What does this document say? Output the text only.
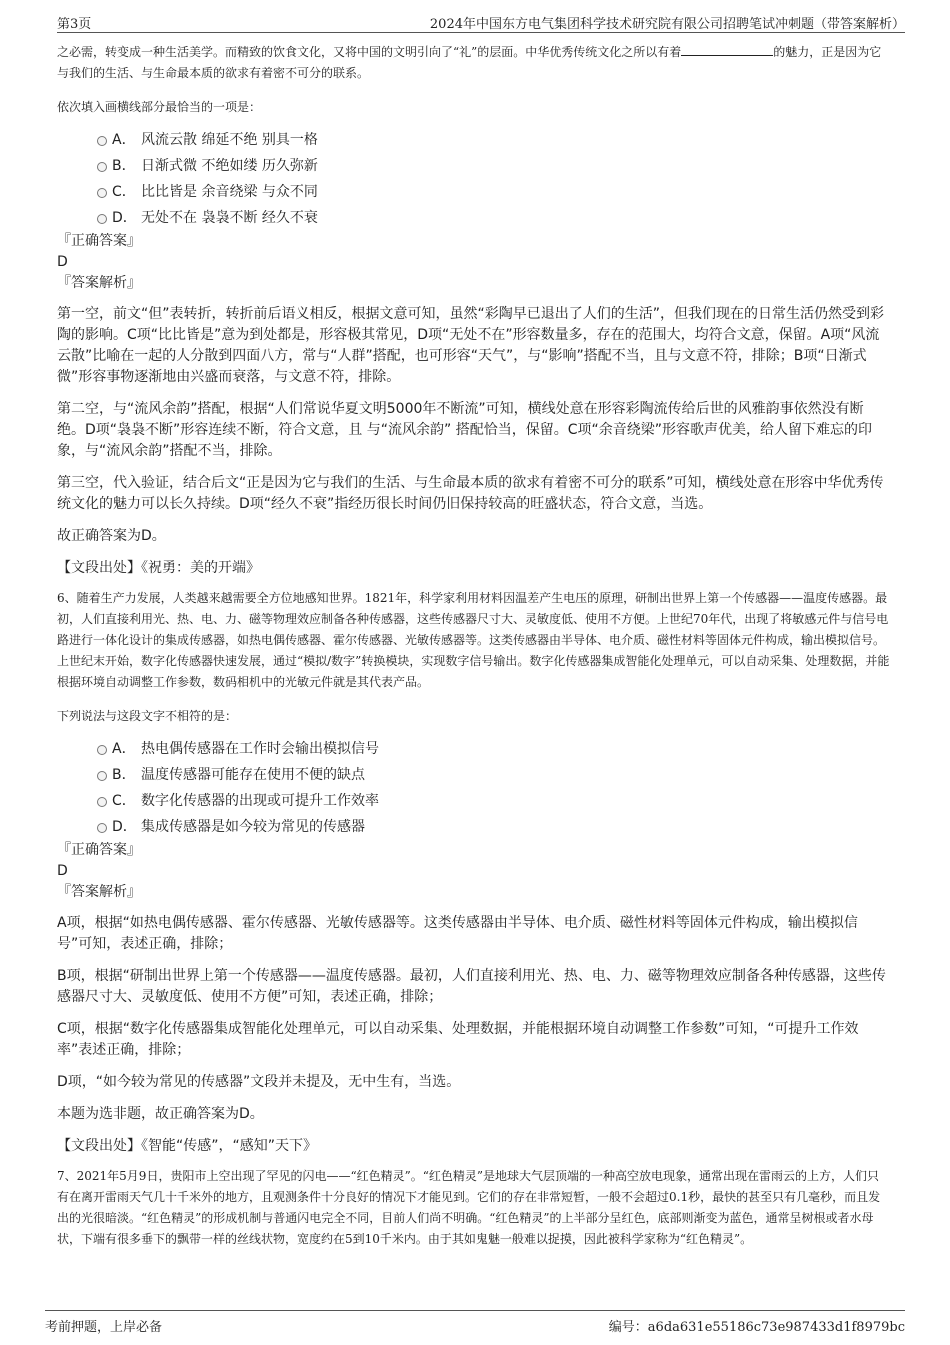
第3页	2024年中国东方电气集团科学技术研究院有限公司招聘笔试冲刺题（带答案解析）

之必需，转变成一种生活美学。而精致的饮食文化，又将中国的文明引向了“礼”的层面。中华优秀传统文化之所以有着	的魅力，正是因为它与我们的生活、与生命最本质的欲求有着密不可分的联系。

依次填入画横线部分最恰当的一项是：

A． 风流云散 绵延不绝 别具一格
B． 日渐式微 不绝如缕 历久弥新
C． 比比皆是 余音绕梁 与众不同
D． 无处不在 袅袅不断 经久不衰

『正确答案』

D

『答案解析』

第一空，前文“但”表转折，转折前后语义相反，根据文意可知，虽然“彩陶早已退出了人们的生活”，但我们现在的日常生活仍然受到彩陶的影响。C项“比比皆是”意为到处都是，形容极其常见，D项“无处不在”形容数量多，存在的范围大，均符合文意，保留。A项“风流云散”比喻在一起的人分散到四面八方，常与“人群”搭配，也可形容“天气”，与“影响”搭配不当，且与文意不符，排除；B项“日渐式微”形容事物逐渐地由兴盛而衰落，与文意不符，排除。

第二空，与“流风余韵”搭配，根据“人们常说华夏文明5000年不断流”可知，横线处意在形容彩陶流传给后世的风雅韵事依然没有断绝。D项“袅袅不断”形容连续不断，符合文意，且 与“流风余韵” 搭配恰当，保留。C项“余音绕梁”形容歌声优美，给人留下难忘的印象，与“流风余韵”搭配不当，排除。

第三空，代入验证，结合后文“正是因为它与我们的生活、与生命最本质的欲求有着密不可分的联系”可知，横线处意在形容中华优秀传统文化的魅力可以长久持续。D项“经久不衰”指经历很长时间仍旧保持较高的旺盛状态，符合文意，当选。

故正确答案为D。

【文段出处】《祝勇：美的开端》

6、随着生产力发展，人类越来越需要全方位地感知世界。1821年，科学家利用材料因温差产生电压的原理，研制出世界上第一个传感器——温度传感器。最初，人们直接利用光、热、电、力、磁等物理效应制备各种传感器，这些传感器尺寸大、灵敏度低、使用不方便。上世纪70年代，出现了将敏感元件与信号电路进行一体化设计的集成传感器，如热电偶传感器、霍尔传感器、光敏传感器等。这类传感器由半导体、电介质、磁性材料等固体元件构成，输出模拟信号。上世纪末开始，数字化传感器快速发展，通过“模拟/数字”转换模块，实现数字信号输出。数字化传感器集成智能化处理单元，可以自动采集、处理数据，并能根据环境自动调整工作参数，数码相机中的光敏元件就是其代表产品。

下列说法与这段文字不相符的是：

A． 热电偶传感器在工作时会输出模拟信号
B． 温度传感器可能存在使用不便的缺点
C． 数字化传感器的出现或可提升工作效率
D． 集成传感器是如今较为常见的传感器

『正确答案』

D

『答案解析』

A项，根据“如热电偶传感器、霍尔传感器、光敏传感器等。这类传感器由半导体、电介质、磁性材料等固体元件构成，输出模拟信号”可知，表述正确，排除；

B项，根据“研制出世界上第一个传感器——温度传感器。最初，人们直接利用光、热、电、力、磁等物理效应制备各种传感器，这些传感器尺寸大、灵敏度低、使用不方便”可知，表述正确，排除；

C项，根据“数字化传感器集成智能化处理单元，可以自动采集、处理数据，并能根据环境自动调整工作参数”可知，“可提升工作效率”表述正确，排除；

D项，“如今较为常见的传感器”文段并未提及，无中生有，当选。

本题为选非题，故正确答案为D。

【文段出处】《智能“传感”，“感知”天下》

7、2021年5月9日，贵阳市上空出现了罕见的闪电——“红色精灵”。“红色精灵”是地球大气层顶端的一种高空放电现象，通常出现在雷雨云的上方，人们只有在离开雷雨天气几十千米外的地方，且观测条件十分良好的情况下才能见到。它们的存在非常短暂，一般不会超过0.1秒，最快的甚至只有几毫秒，而且发出的光很暗淡。“红色精灵”的形成机制与普通闪电完全不同，目前人们尚不明确。“红色精灵”的上半部分呈红色，底部则渐变为蓝色，通常呈树根或者水母状，下端有很多垂下的飘带一样的丝线状物，宽度约在5到10千米内。由于其如鬼魅一般难以捉摸，因此被科学家称为“红色精灵”。

考前押题，上岸必备	编号：a6da631e55186c73e987433d1f8979bc
